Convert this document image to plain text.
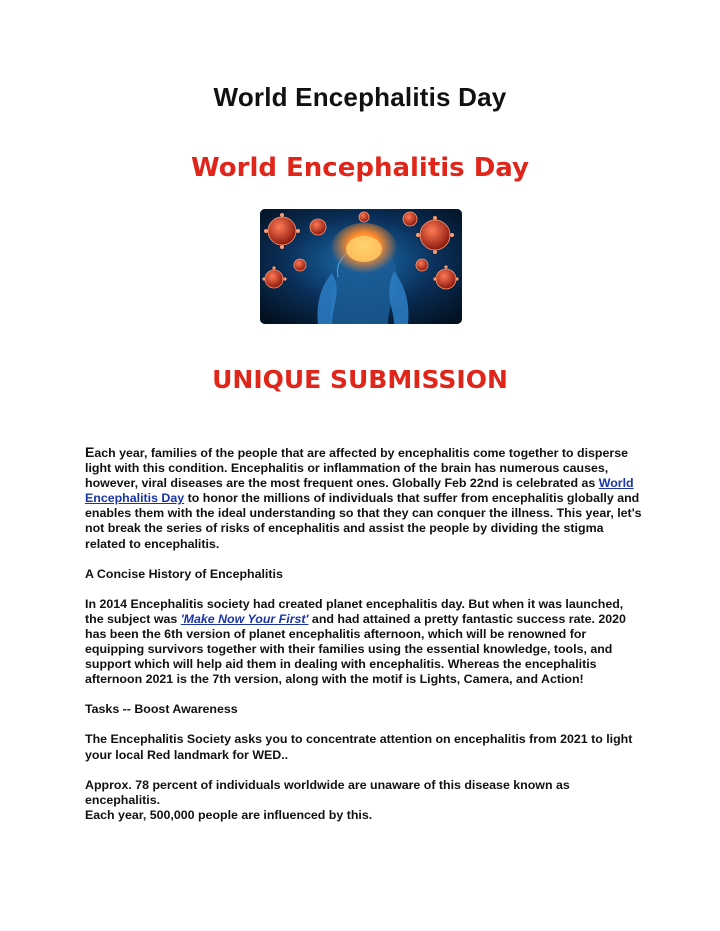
World Encephalitis Day
World Encephalitis Day
UNIQUE SUBMISSION

Each year, families of the people that are affected by encephalitis come together to disperse light with this condition. Encephalitis or inflammation of the brain has numerous causes, however, viral diseases are the most frequent ones. Globally Feb 22nd is celebrated as World Encephalitis Day to honor the millions of individuals that suffer from encephalitis globally and enables them with the ideal understanding so that they can conquer the illness. This year, let's not break the series of risks of encephalitis and assist the people by dividing the stigma related to encephalitis.

A Concise History of Encephalitis

In 2014 Encephalitis society had created planet encephalitis day. But when it was launched, the subject was 'Make Now Your First' and had attained a pretty fantastic success rate. 2020 has been the 6th version of planet encephalitis afternoon, which will be renowned for equipping survivors together with their families using the essential knowledge, tools, and support which will help aid them in dealing with encephalitis. Whereas the encephalitis afternoon 2021 is the 7th version, along with the motif is Lights, Camera, and Action!

Tasks -- Boost Awareness

The Encephalitis Society asks you to concentrate attention on encephalitis from 2021 to light your local Red landmark for WED..

Approx. 78 percent of individuals worldwide are unaware of this disease known as encephalitis.

Each year, 500,000 people are influenced by this.
